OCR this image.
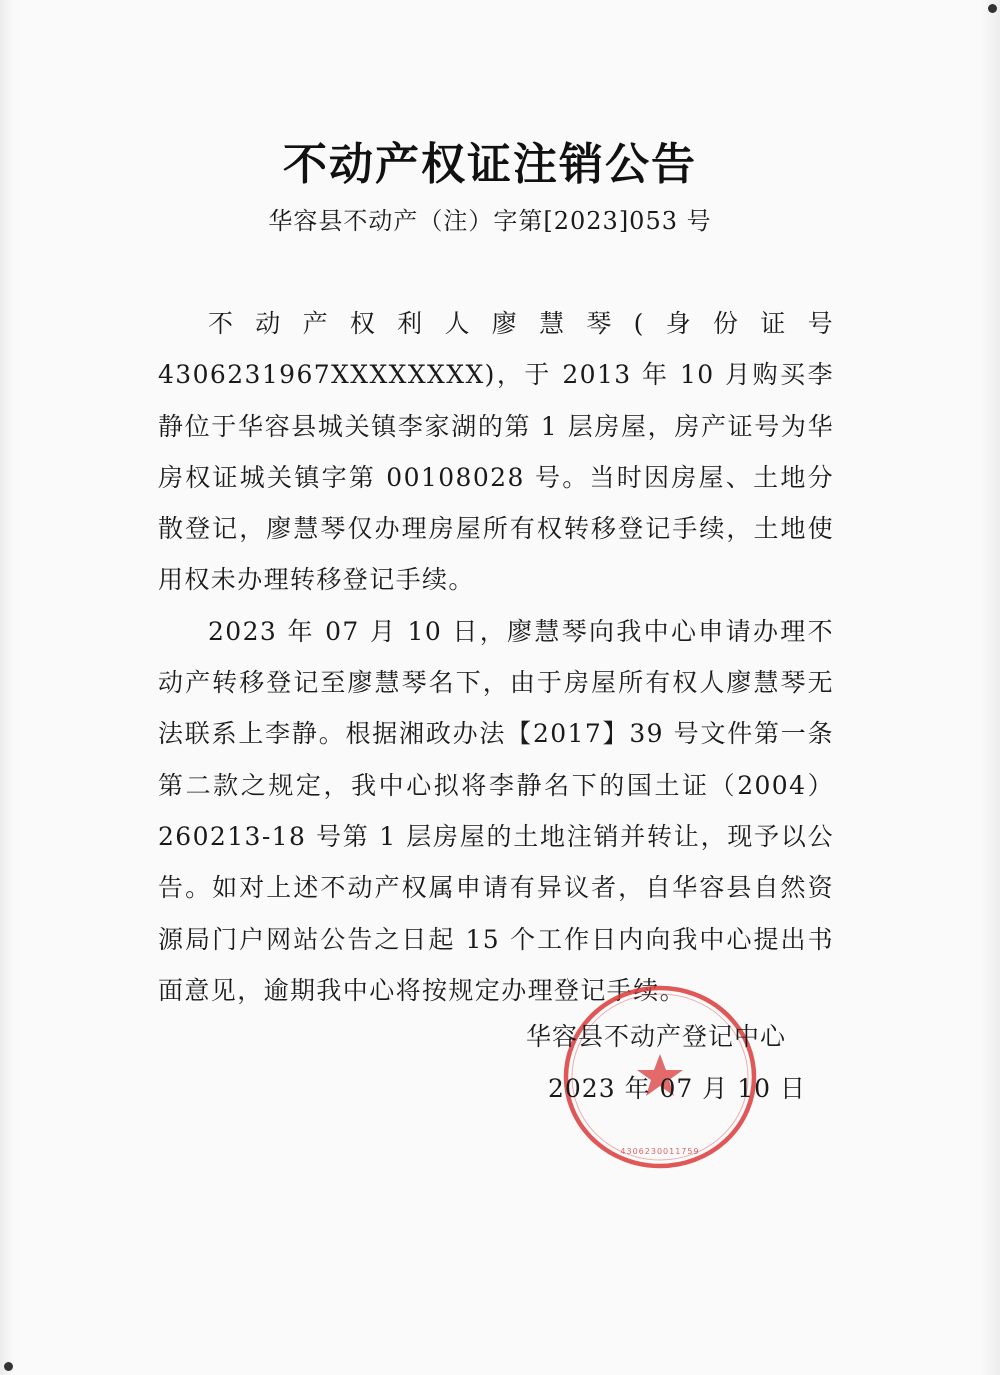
不动产权证注销公告
华容县不动产（注）字第[2023]053 号

不动产权利人廖慧琴(身份证号 4306231967XXXXXXXX)，于 2013 年 10 月购买李静位于华容县城关镇李家湖的第 1 层房屋，房产证号为华房权证城关镇字第 00108028 号。当时因房屋、土地分散登记，廖慧琴仅办理房屋所有权转移登记手续，土地使用权未办理转移登记手续。

2023 年 07 月 10 日，廖慧琴向我中心申请办理不动产转移登记至廖慧琴名下，由于房屋所有权人廖慧琴无法联系上李静。根据湘政办法【2017】39 号文件第一条第二款之规定，我中心拟将李静名下的国土证（2004）260213-18 号第 1 层房屋的土地注销并转让，现予以公告。如对上述不动产权属申请有异议者，自华容县自然资源局门户网站公告之日起 15 个工作日内向我中心提出书面意见，逾期我中心将按规定办理登记手续。

4306230011759
华容县不动产登记中心
2023 年 07 月 10 日
